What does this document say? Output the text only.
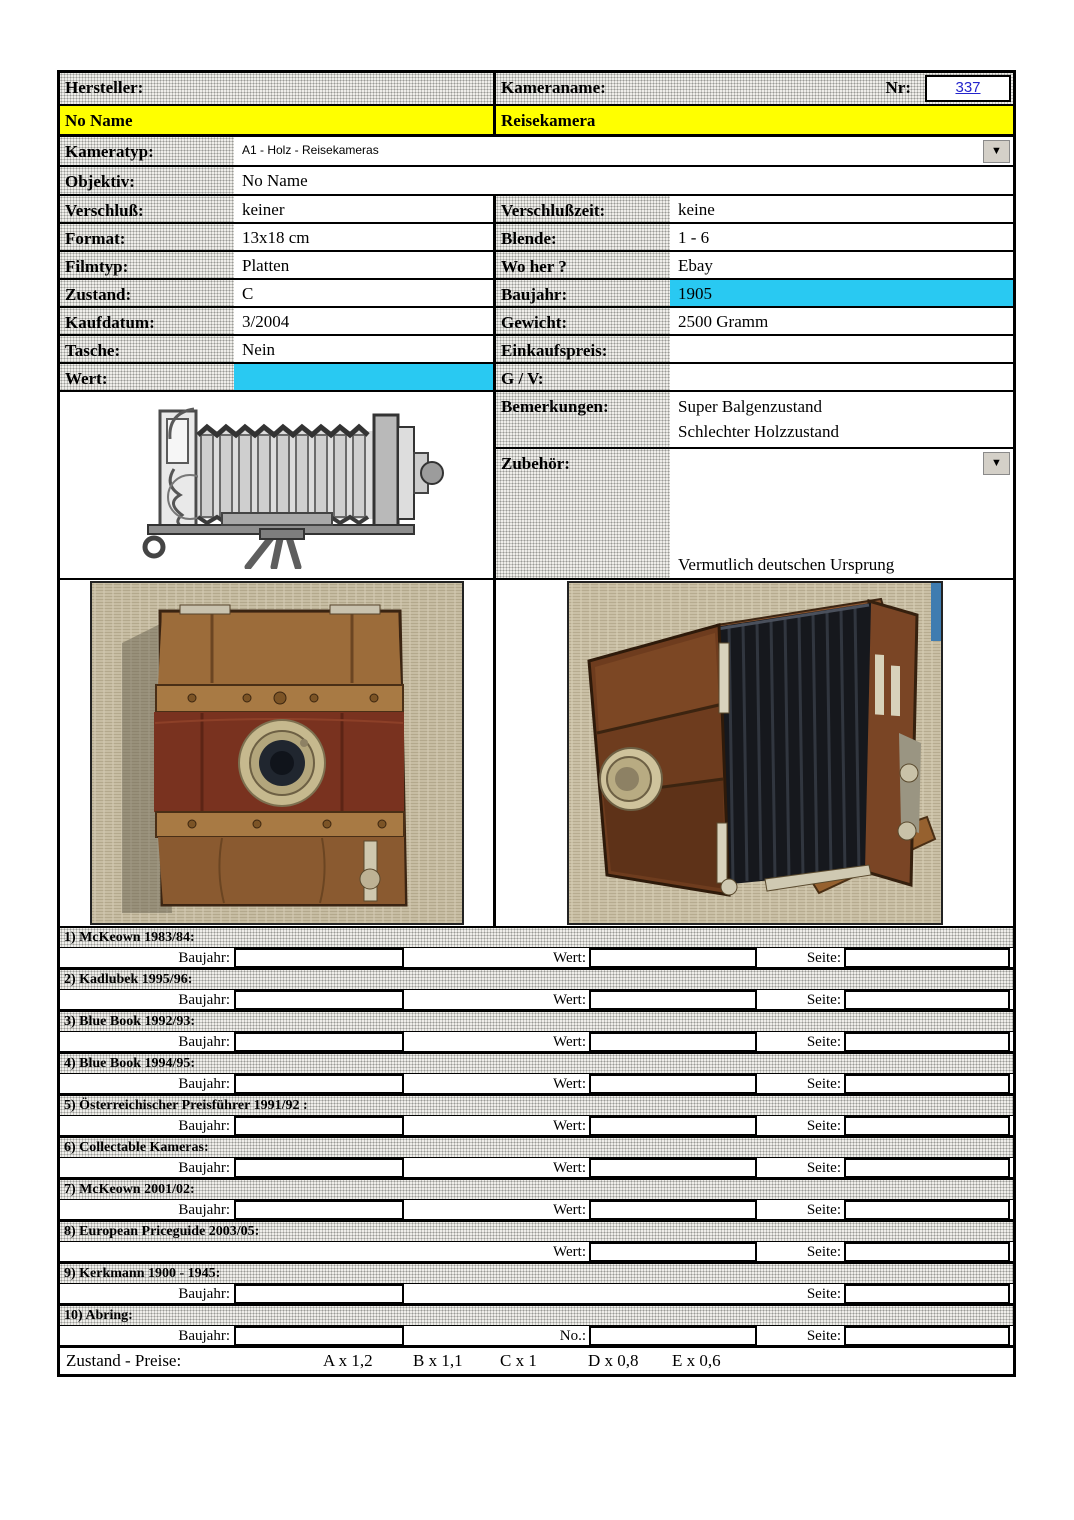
Hersteller:	Kameraname:	Nr:	337
No Name	Reisekamera
Kameratyp:	A1 - Holz - Reisekameras	▼
Objektiv:	No Name
Verschluß:	keiner	Verschlußzeit:	keine
Format:	13x18 cm	Blende:	1 - 6
Filmtyp:	Platten	Wo her ?	Ebay
Zustand:	C	Baujahr:	1905
Kaufdatum:	3/2004	Gewicht:	2500 Gramm
Tasche:	Nein	Einkaufspreis:
Wert:	G / V:
Bemerkungen:	Super Balgenzustand
Schlechter Holzzustand
Zubehör:	▼
Vermutlich deutschen Ursprung
1) McKeown 1983/84:
Baujahr:	Wert:	Seite:
2) Kadlubek 1995/96:
Baujahr:	Wert:	Seite:
3) Blue Book 1992/93:
Baujahr:	Wert:	Seite:
4) Blue Book 1994/95:
Baujahr:	Wert:	Seite:
5) Österreichischer Preisführer 1991/92 :
Baujahr:	Wert:	Seite:
6) Collectable Kameras:
Baujahr:	Wert:	Seite:
7) McKeown 2001/02:
Baujahr:	Wert:	Seite:
8) European Priceguide 2003/05:
Wert:	Seite:
9) Kerkmann 1900 - 1945:
Baujahr:	Seite:
10) Abring:
Baujahr:	No.:	Seite:
Zustand - Preise:	A x 1,2 B x 1,1 C x 1	D x 0,8 E x 0,6
